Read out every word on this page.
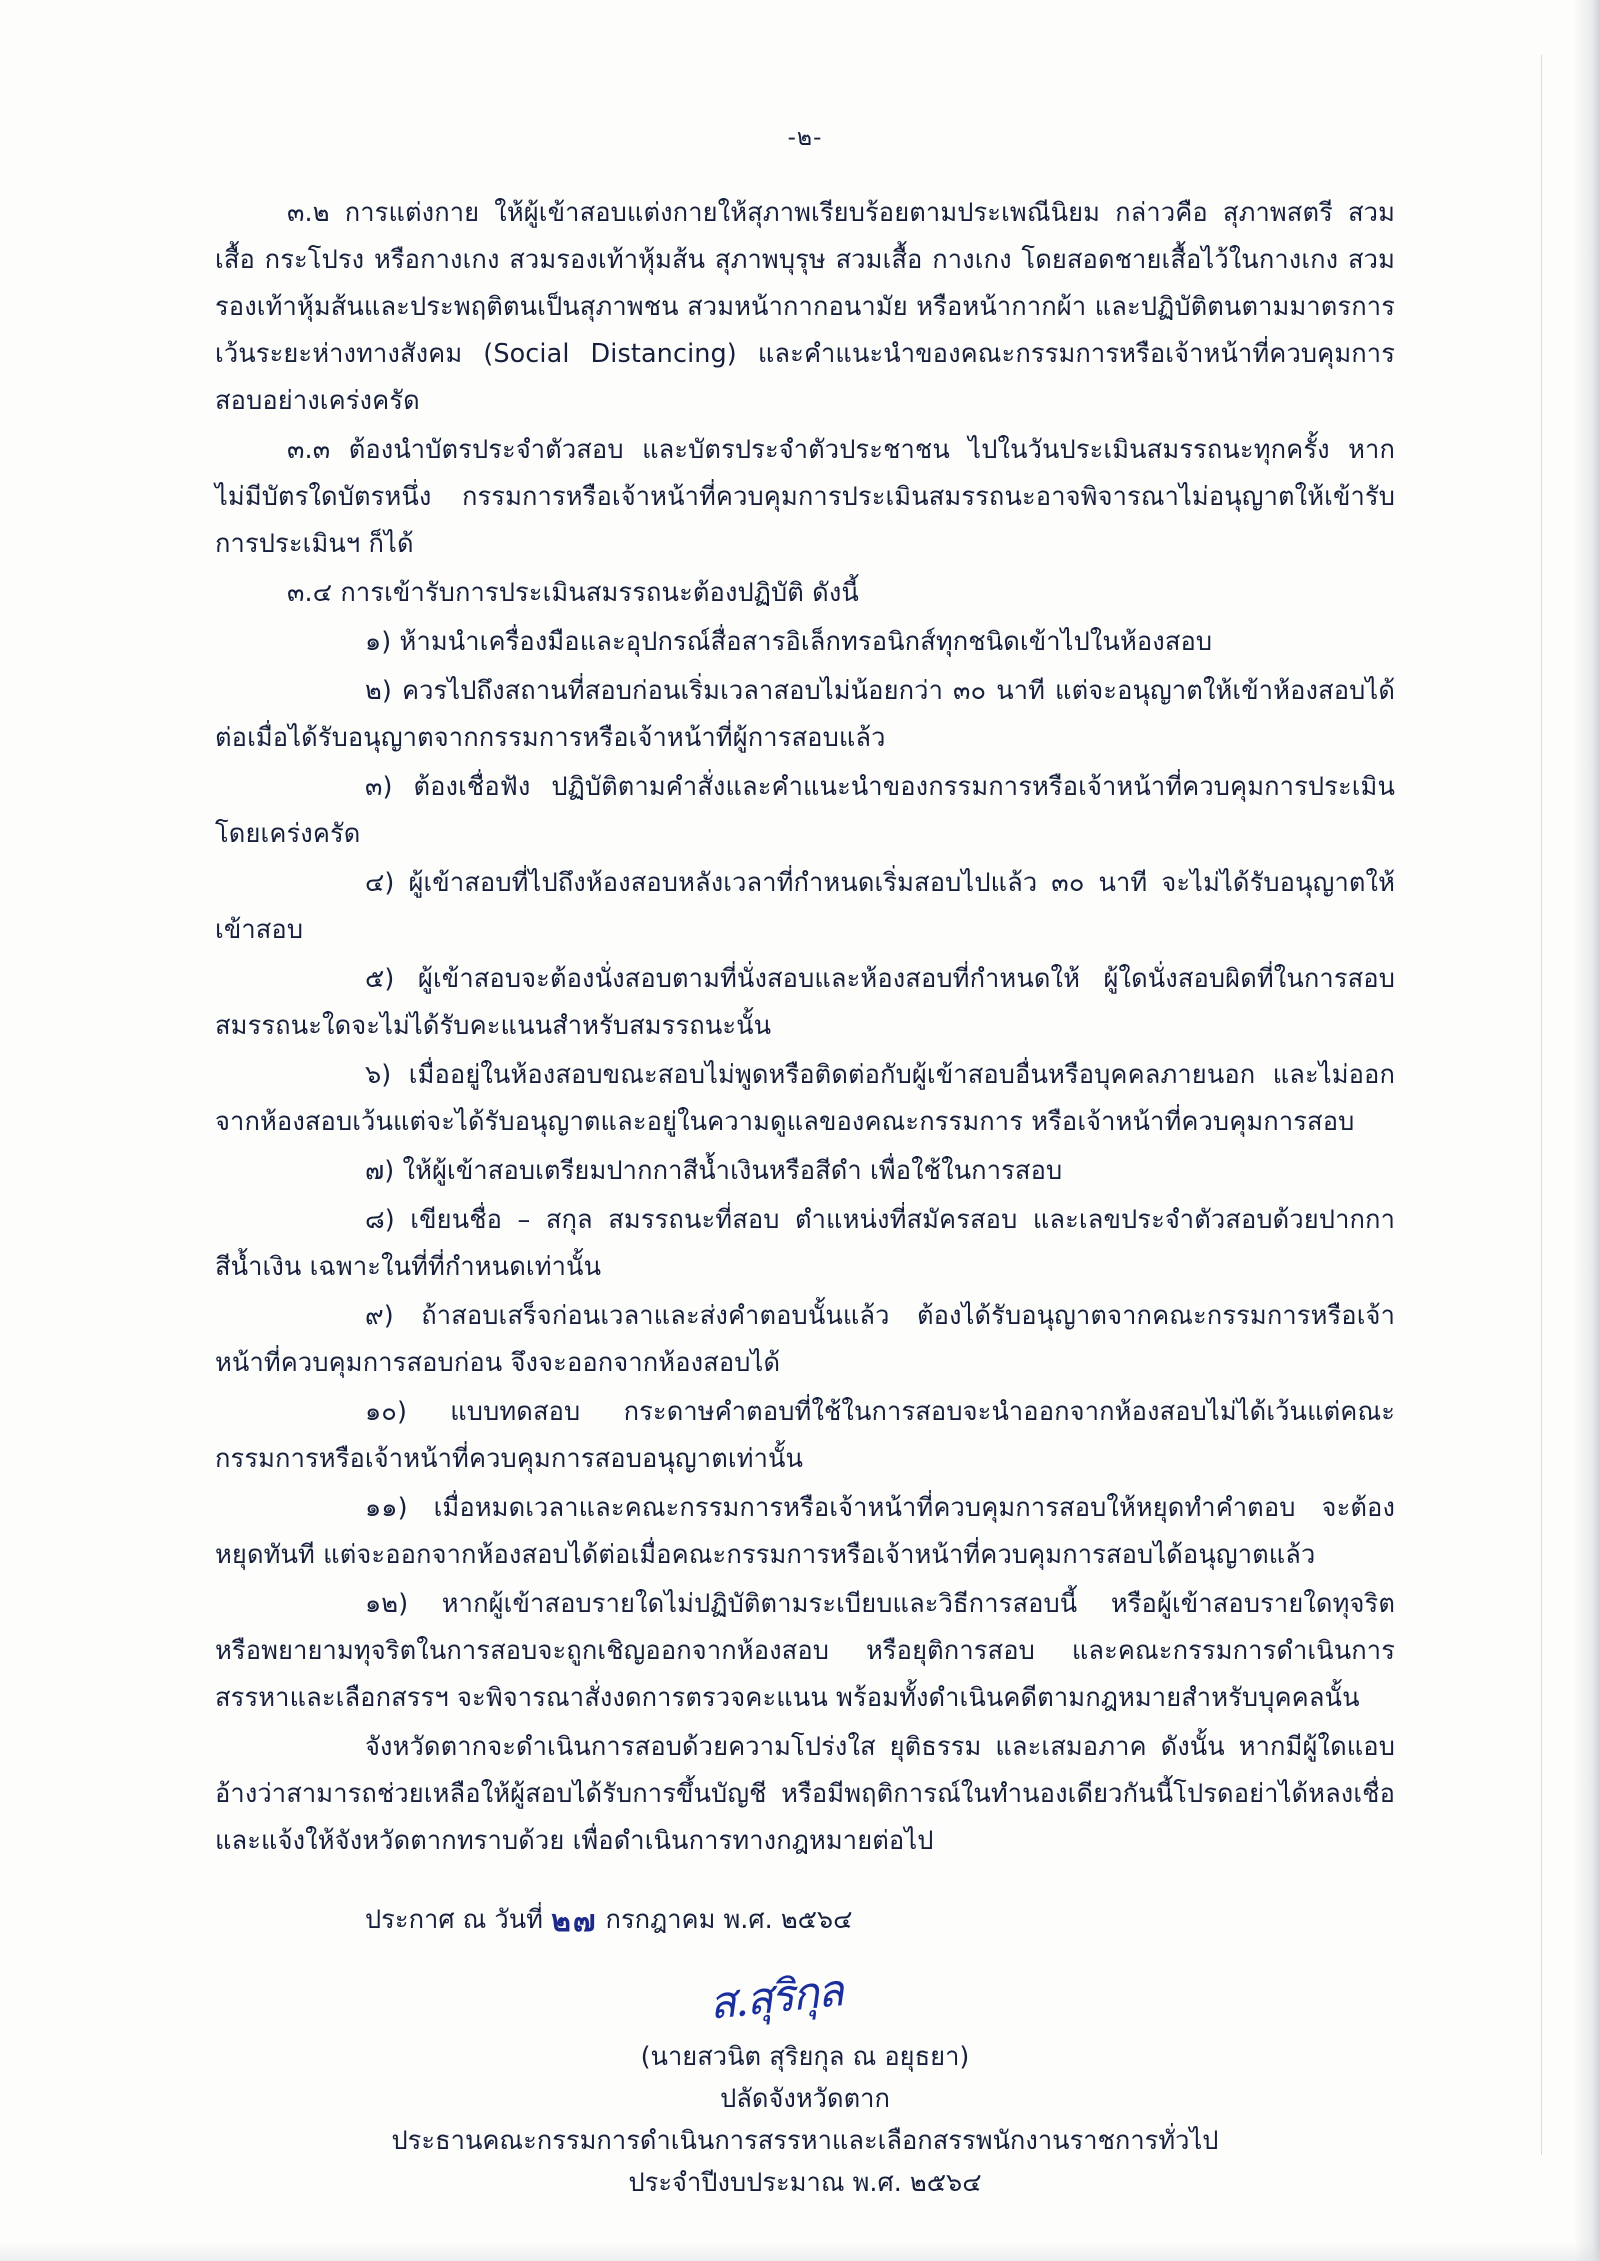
-๒-

๓.๒ การแต่งกาย ให้ผู้เข้าสอบแต่งกายให้สุภาพเรียบร้อยตามประเพณีนิยม กล่าวคือ สุภาพสตรี สวมเสื้อ กระโปรง หรือกางเกง สวมรองเท้าหุ้มส้น สุภาพบุรุษ สวมเสื้อ กางเกง โดยสอดชายเสื้อไว้ในกางเกง สวมรองเท้าหุ้มส้นและประพฤติตนเป็นสุภาพชน สวมหน้ากากอนามัย หรือหน้ากากผ้า และปฏิบัติตนตามมาตรการเว้นระยะห่างทางสังคม (Social Distancing) และคำแนะนำของคณะกรรมการหรือเจ้าหน้าที่ควบคุมการสอบอย่างเคร่งครัด

๓.๓ ต้องนำบัตรประจำตัวสอบ และบัตรประจำตัวประชาชน ไปในวันประเมินสมรรถนะทุกครั้ง หากไม่มีบัตรใดบัตรหนึ่ง กรรมการหรือเจ้าหน้าที่ควบคุมการประเมินสมรรถนะอาจพิจารณาไม่อนุญาตให้เข้ารับการประเมินฯ ก็ได้

๓.๔ การเข้ารับการประเมินสมรรถนะต้องปฏิบัติ ดังนี้

๑) ห้ามนำเครื่องมือและอุปกรณ์สื่อสารอิเล็กทรอนิกส์ทุกชนิดเข้าไปในห้องสอบ

๒) ควรไปถึงสถานที่สอบก่อนเริ่มเวลาสอบไม่น้อยกว่า ๓๐ นาที แต่จะอนุญาตให้เข้าห้องสอบได้ต่อเมื่อได้รับอนุญาตจากกรรมการหรือเจ้าหน้าที่ผู้การสอบแล้ว

๓) ต้องเชื่อฟัง ปฏิบัติตามคำสั่งและคำแนะนำของกรรมการหรือเจ้าหน้าที่ควบคุมการประเมินโดยเคร่งครัด

๔) ผู้เข้าสอบที่ไปถึงห้องสอบหลังเวลาที่กำหนดเริ่มสอบไปแล้ว ๓๐ นาที จะไม่ได้รับอนุญาตให้เข้าสอบ

๕) ผู้เข้าสอบจะต้องนั่งสอบตามที่นั่งสอบและห้องสอบที่กำหนดให้ ผู้ใดนั่งสอบผิดที่ในการสอบสมรรถนะใดจะไม่ได้รับคะแนนสำหรับสมรรถนะนั้น

๖) เมื่ออยู่ในห้องสอบขณะสอบไม่พูดหรือติดต่อกับผู้เข้าสอบอื่นหรือบุคคลภายนอก และไม่ออกจากห้องสอบเว้นแต่จะได้รับอนุญาตและอยู่ในความดูแลของคณะกรรมการ หรือเจ้าหน้าที่ควบคุมการสอบ

๗) ให้ผู้เข้าสอบเตรียมปากกาสีน้ำเงินหรือสีดำ เพื่อใช้ในการสอบ

๘) เขียนชื่อ – สกุล สมรรถนะที่สอบ ตำแหน่งที่สมัครสอบ และเลขประจำตัวสอบด้วยปากกาสีน้ำเงิน เฉพาะในที่ที่กำหนดเท่านั้น

๙) ถ้าสอบเสร็จก่อนเวลาและส่งคำตอบนั้นแล้ว ต้องได้รับอนุญาตจากคณะกรรมการหรือเจ้าหน้าที่ควบคุมการสอบก่อน จึงจะออกจากห้องสอบได้

๑๐) แบบทดสอบ กระดาษคำตอบที่ใช้ในการสอบจะนำออกจากห้องสอบไม่ได้เว้นแต่คณะกรรมการหรือเจ้าหน้าที่ควบคุมการสอบอนุญาตเท่านั้น

๑๑) เมื่อหมดเวลาและคณะกรรมการหรือเจ้าหน้าที่ควบคุมการสอบให้หยุดทำคำตอบ จะต้องหยุดทันที แต่จะออกจากห้องสอบได้ต่อเมื่อคณะกรรมการหรือเจ้าหน้าที่ควบคุมการสอบได้อนุญาตแล้ว

๑๒) หากผู้เข้าสอบรายใดไม่ปฏิบัติตามระเบียบและวิธีการสอบนี้ หรือผู้เข้าสอบรายใดทุจริต หรือพยายามทุจริตในการสอบจะถูกเชิญออกจากห้องสอบ หรือยุติการสอบ และคณะกรรมการดำเนินการสรรหาและเลือกสรรฯ จะพิจารณาสั่งงดการตรวจคะแนน พร้อมทั้งดำเนินคดีตามกฎหมายสำหรับบุคคลนั้น

จังหวัดตากจะดำเนินการสอบด้วยความโปร่งใส ยุติธรรม และเสมอภาค ดังนั้น หากมีผู้ใดแอบอ้างว่าสามารถช่วยเหลือให้ผู้สอบได้รับการขึ้นบัญชี หรือมีพฤติการณ์ในทำนองเดียวกันนี้โปรดอย่าได้หลงเชื่อ และแจ้งให้จังหวัดตากทราบด้วย เพื่อดำเนินการทางกฎหมายต่อไป

ประกาศ ณ วันที่ ๒๗ กรกฎาคม พ.ศ. ๒๕๖๔
ส.สุริกุล
(นายสวนิต สุริยกุล ณ อยุธยา)
ปลัดจังหวัดตาก
ประธานคณะกรรมการดำเนินการสรรหาและเลือกสรรพนักงานราชการทั่วไป
ประจำปีงบประมาณ พ.ศ. ๒๕๖๔
